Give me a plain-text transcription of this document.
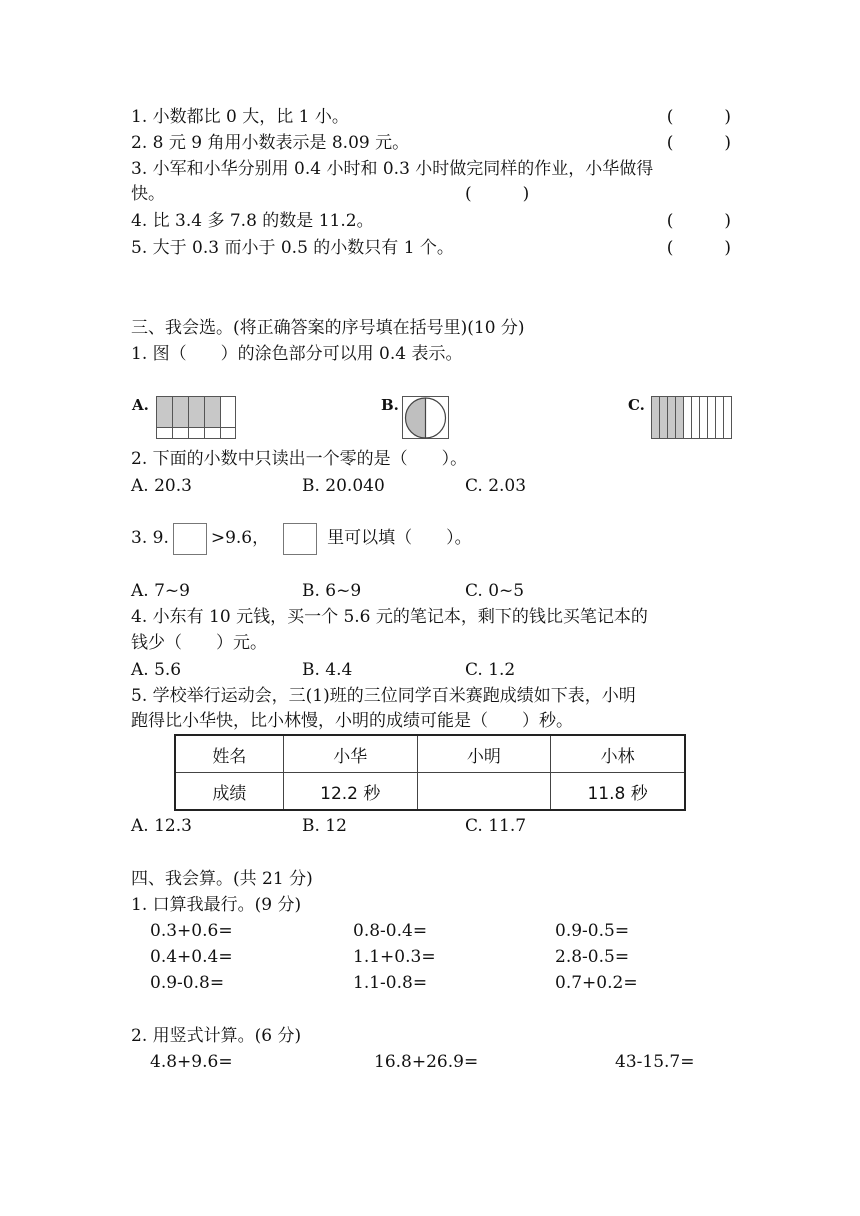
1. 小数都比 0 大，比 1 小。	(　　　)
2. 8 元 9 角用小数表示是 8.09 元。	(　　　)
3. 小军和小华分别用 0.4 小时和 0.3 小时做完同样的作业，小华做得
快。	(　　　)
4. 比 3.4 多 7.8 的数是 11.2。	(　　　)
5. 大于 0.3 而小于 0.5 的小数只有 1 个。	(　　　)
三、我会选。(将正确答案的序号填在括号里)(10 分)
1. 图（　　）的涂色部分可以用 0.4 表示。
A.	B.	C.
2. 下面的小数中只读出一个零的是（　　）。
A. 20.3	B. 20.040	C. 2.03
3. 9. >9.6，	里可以填（　　）。
A. 7~9	B. 6~9	C. 0~5
4. 小东有 10 元钱，买一个 5.6 元的笔记本，剩下的钱比买笔记本的
钱少（　　）元。
A. 5.6	B. 4.4	C. 1.2
5. 学校举行运动会，三(1)班的三位同学百米赛跑成绩如下表，小明
跑得比小华快，比小林慢，小明的成绩可能是（　　）秒。
姓名	小华	小明	小林
成绩	12.2 秒		11.8 秒
A. 12.3	B. 12	C. 11.7
四、我会算。(共 21 分)
1. 口算我最行。(9 分)
0.3+0.6=	0.8-0.4=	0.9-0.5=
0.4+0.4=	1.1+0.3=	2.8-0.5=
0.9-0.8=	1.1-0.8=	0.7+0.2=
2. 用竖式计算。(6 分)
4.8+9.6=	16.8+26.9=	43-15.7=
